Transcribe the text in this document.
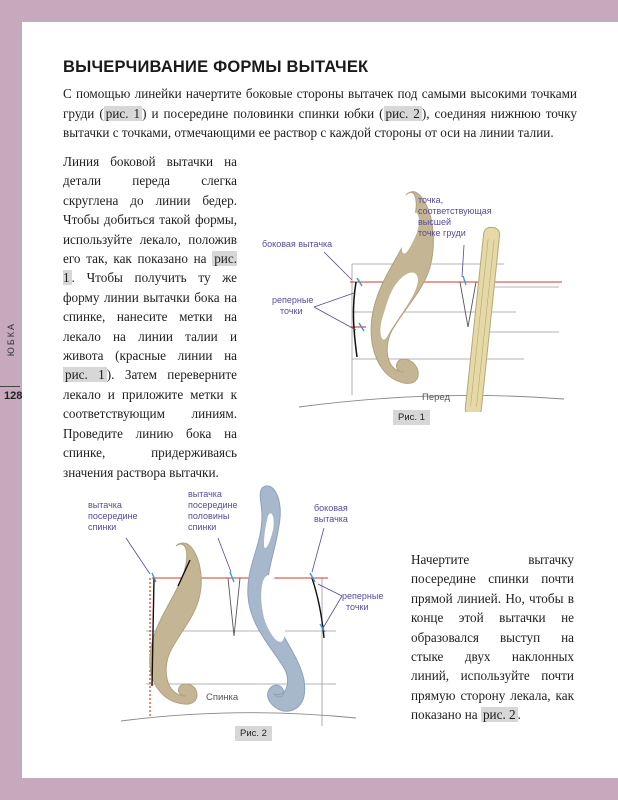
ВЫЧЕРЧИВАНИЕ ФОРМЫ ВЫТАЧЕК

С помощью линейки начертите боковые стороны вытачек под самыми высокими точками груди ( рис. 1 ) и посередине половинки спинки юбки ( рис. 2 ), соединяя нижнюю точку вытачки с точками, отмечающими ее раствор с каждой стороны от оси на линии талии.

Линия боковой вытачки на детали переда слегка скруглена до линии бедер. Чтобы добиться такой формы, используйте лекало, положив его так, как показано на рис. 1 . Чтобы получить ту же форму линии вытачки бока на спинке, нанесите метки на лекало на линии талии и живота (красные линии на рис. 1 ). Затем переверните лекало и приложите метки к соответствующим линиям. Проведите линию бока на спинке, придерживаясь значения раствора вытачки.

Начертите вытачку посередине спинки почти прямой линией. Но, чтобы в конце этой вытачки не образовался выступ на стыке двух наклонных линий, используйте почти прямую сторону лекала, как показано на рис. 2 .

боковая вытачка
реперные
точки
точка,
соответствующая
высшей
точке груди
Перед
Рис. 1
вытачка
посередине
спинки
вытачка
посередине
половины
спинки
боковая
вытачка
реперные
точки
Спинка
Рис. 2
ЮБКА
128
